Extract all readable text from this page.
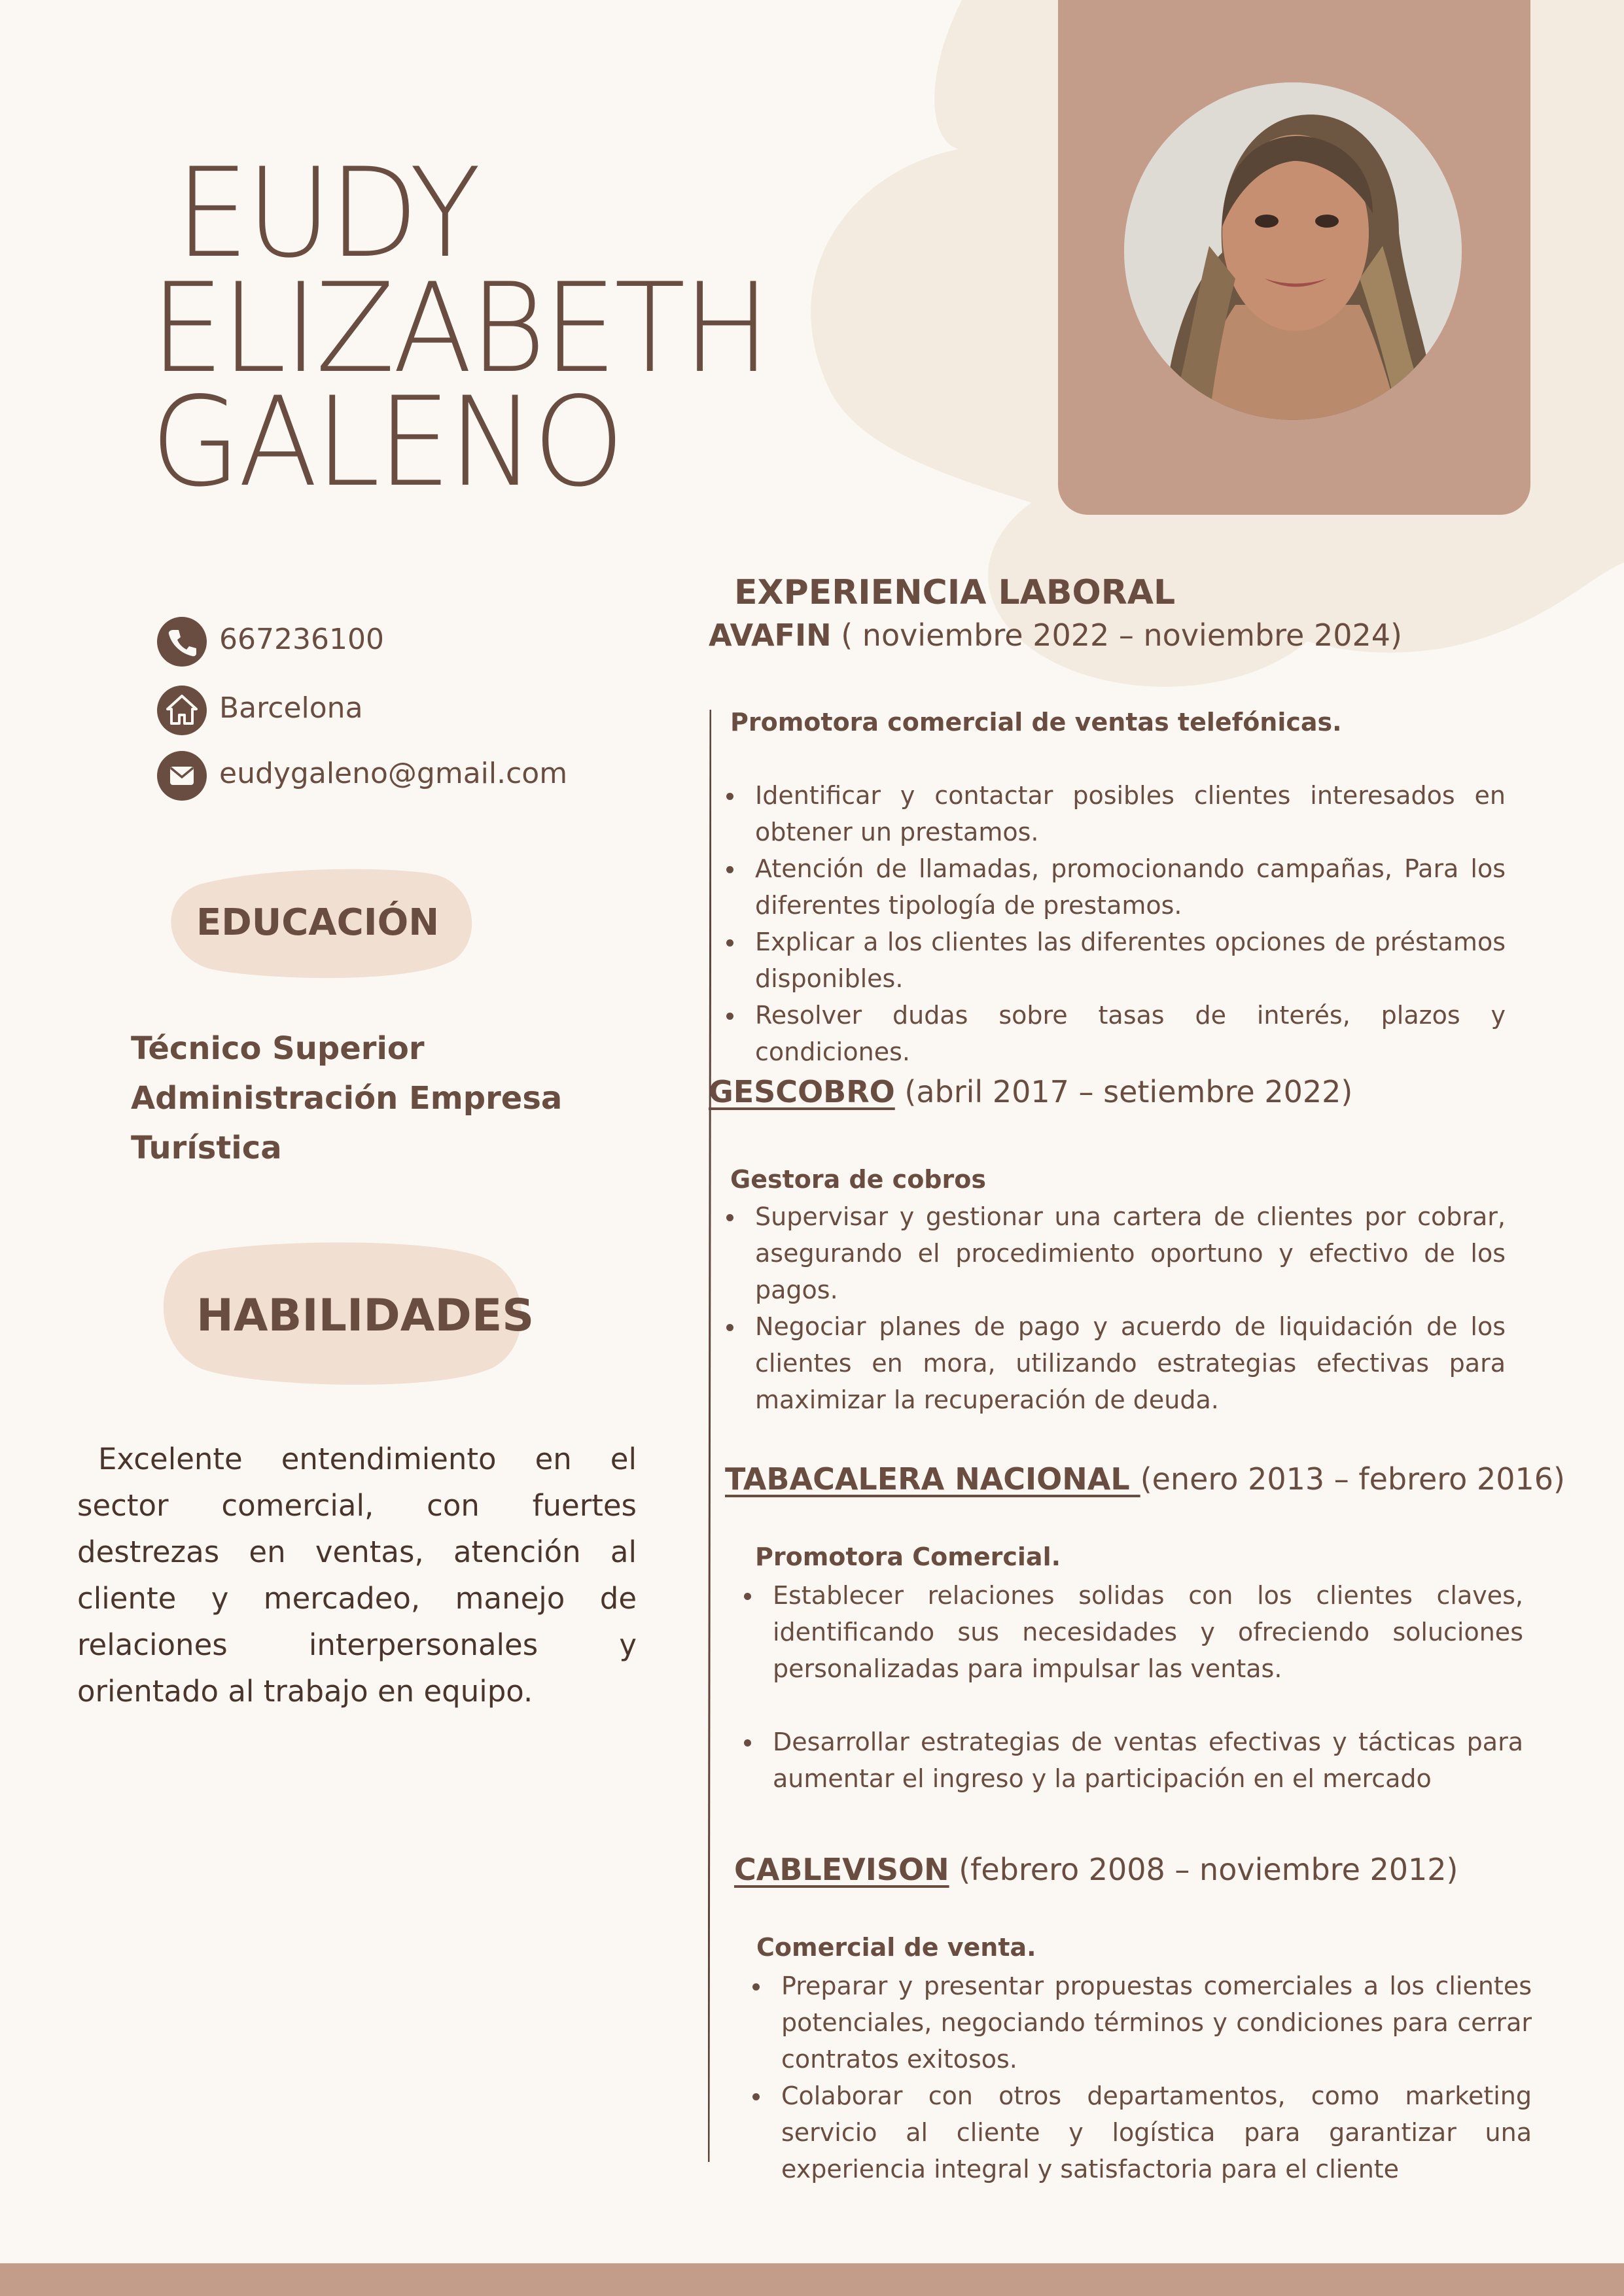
EUDY
ELIZABETH
GALENO
667236100
Barcelona
eudygaleno@gmail.com
EDUCACIÓN
Técnico Superior
Administración Empresa
Turística
HABILIDADES
Excelente entendimiento en el sector comercial, con fuertes destrezas en ventas, atención al cliente y mercadeo, manejo de relaciones interpersonales y orientado al trabajo en equipo.
EXPERIENCIA LABORAL
AVAFIN ( noviembre 2022 – noviembre 2024)
Promotora comercial de ventas telefónicas.
Identificar y contactar posibles clientes interesados en obtener un prestamos.
Atención de llamadas, promocionando campañas, Para los diferentes tipología de prestamos.
Explicar a los clientes las diferentes opciones de préstamos disponibles.
Resolver dudas sobre tasas de interés, plazos y condiciones.
GESCOBRO (abril 2017 – setiembre 2022)
Gestora de cobros
Supervisar y gestionar una cartera de clientes por cobrar, asegurando el procedimiento oportuno y efectivo de los pagos.
Negociar planes de pago y acuerdo de liquidación de los clientes en mora, utilizando estrategias efectivas para maximizar la recuperación de deuda.
TABACALERA NACIONAL (enero 2013 – febrero 2016)
Promotora Comercial.
Establecer relaciones solidas con los clientes claves, identificando sus necesidades y ofreciendo soluciones personalizadas para impulsar las ventas.
Desarrollar estrategias de ventas efectivas y tácticas para aumentar el ingreso y la participación en el mercado
CABLEVISON (febrero 2008 – noviembre 2012)
Comercial de venta.
Preparar y presentar propuestas comerciales a los clientes potenciales, negociando términos y condiciones para cerrar contratos exitosos.
Colaborar con otros departamentos, como marketing servicio al cliente y logística para garantizar una experiencia integral y satisfactoria para el cliente
